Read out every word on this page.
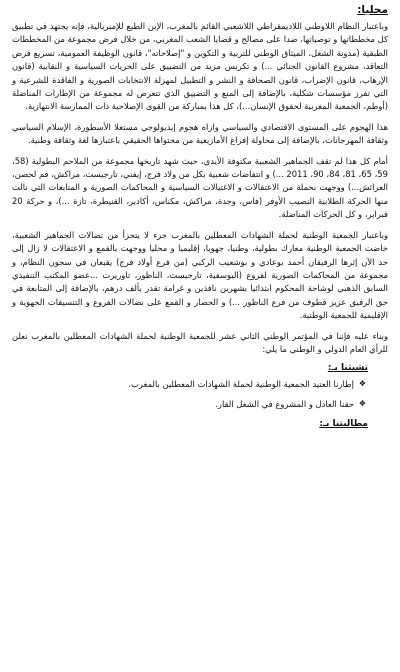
محليا:

وباعتبار النظام اللاوطني اللاديمقراطي اللاشعبي القائم بالمغرب، الإبن الطيع للإمبريالية، فإنه يجتهد في تطبيق كل مخططاتها و توصياتها، ضدا على مصالح و قضايا الشعب المغربي، من خلال فرض مجموعة من المخططات الطبقية (مدونة الشغل، الميثاق الوطني للتربية و التكوين و "إصلاحاته"، قانون الوظيفة العمومية، تسريع فرض التعاقد، مشروع القانون الجنائي ...) و تكريس مزيد من التضييق على الحريات السياسية و النقابية (قانون الإرهاب، قانون الإضراب، قانون الصحافة و النشر و التطبيل لمهزلة الانتخابات الصورية و الفاقدة للشرعية و التي تفرز مؤسسات شكلية، بالإضافة إلى المنع و التضييق الذي تتعرض له مجموعة من الإطارات المناضلة (أوطم، الجمعية المغربية لحقوق الإنسان...)، كل هذا بمباركة من القوى الإصلاحية ذات الممارسة الانتهازية.

هذا الهجوم على المستوى الاقتصادي والسياسي وازاه هجوم إيديولوجي مستغلا الأسطورة، الإسلام السياسي وثقافة المهرجانات، بالإضافة إلى محاولة إفراغ الأمازيغية من محتواها الحقيقي باعتبارها لغة وثقافة وطنية.

أمام كل هذا لم تقف الجماهير الشعبية مكتوفة الأيدي، حيث شهد تاريخها مجموعة من الملاحم البطولية (58، 59، 65، 81، 84، 90، 2011 ...) و انتفاضات شعبية بكل من ولاد فرج، إيفني، تارجيست، مراكش، فم لحصن، العرائش...) ووجهت بحملة من الاعتقالات و الاغتيالات السياسية و المحاكمات الصورية و المتابعات التي نالت منها الحركة الطلابية النصيب الأوفر (فاس، وجدة، مراكش، مكناس، أكادير، القنيطرة، تازة ...)، و حركة 20 فبراير، و كل الحركات المناضلة.

وباعتبار الجمعية الوطنية لحملة الشهادات المعطلين بالمغرب جزء لا يتجزأ من نضالات الجماهير الشعبية، خاضت الجمعية الوطنية معارك بطولية، وطنيا، جهويا، إقليميا و محليا ووجهت بالقمع و الاعتقالات لا زال إلى حد الآن إثرها الرفيقان أحمد بوعادي و بوشعيب الركبي (من فرع أولاد فرج) يقبعان في سجون النظام، و مجموعة من المحاكمات الصورية لفروع (اليوسفية، تارجيست، الناظور، تاوريرت ...عضو المكتب التنفيذي السابق الذهبي لوشاحة المحكوم ابتدائيا بشهرين نافذين و غرامة تقدر بألف درهم، بالإضافة إلى المتابعة في حق الرفيق عزيز قطوف من فرع الناظور ...) و الحصار و القمع على نضالات الفروع و التنسيقات الجهوية و الإقليمية للجمعية الوطنية.

وبناء عليه فإننا في المؤتمر الوطني الثاني عشر للجمعية الوطنية لحملة الشهادات المعطلين بالمغرب نعلن للرأي العام الدولي و الوطني ما يلي:

تشبثنا بـ:
❖
إطارنا العتيد الجمعية الوطنية لحملة الشهادات المعطلين بالمغرب.
❖
حقنا العادل و المشروع في الشغل القار.
مطالبتنا بـ:
